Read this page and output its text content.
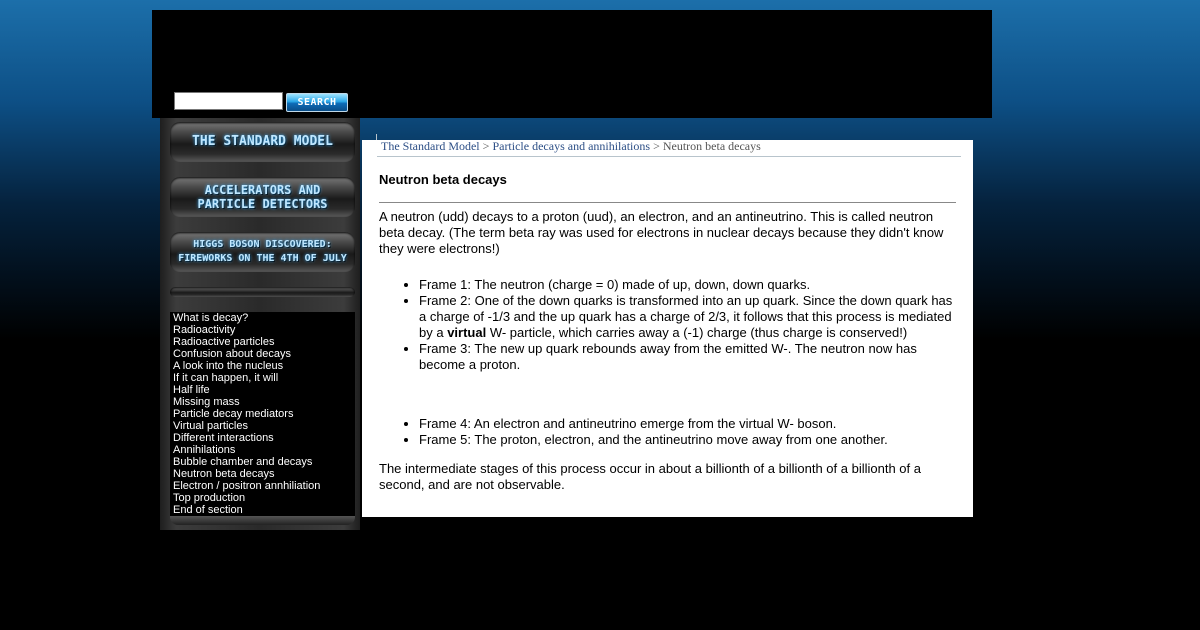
SEARCH
THE STANDARD MODEL
ACCELERATORS AND
PARTICLE DETECTORS
HIGGS BOSON DISCOVERED:
FIREWORKS ON THE 4TH OF JULY
What is decay?
Radioactivity
Radioactive particles
Confusion about decays
A look into the nucleus
If it can happen, it will
Half life
Missing mass
Particle decay mediators
Virtual particles
Different interactions
Annihilations
Bubble chamber and decays
Neutron beta decays
Electron / positron annhiliation
Top production
End of section
The Standard Model > Particle decays and annihilations > Neutron beta decays
Neutron beta decays
A neutron (udd) decays to a proton (uud), an electron, and an antineutrino. This is called neutron beta decay. (The term beta ray was used for electrons in nuclear decays because they didn't know they were electrons!)
• Frame 1: The neutron (charge = 0) made of up, down, down quarks.
• Frame 2: One of the down quarks is transformed into an up quark. Since the down quark has a charge of -1/3 and the up quark has a charge of 2/3, it follows that this process is mediated by a virtual W- particle, which carries away a (-1) charge (thus charge is conserved!)
• Frame 3: The new up quark rebounds away from the emitted W-. The neutron now has become a proton.
• Frame 4: An electron and antineutrino emerge from the virtual W- boson.
• Frame 5: The proton, electron, and the antineutrino move away from one another.
The intermediate stages of this process occur in about a billionth of a billionth of a billionth of a second, and are not observable.
